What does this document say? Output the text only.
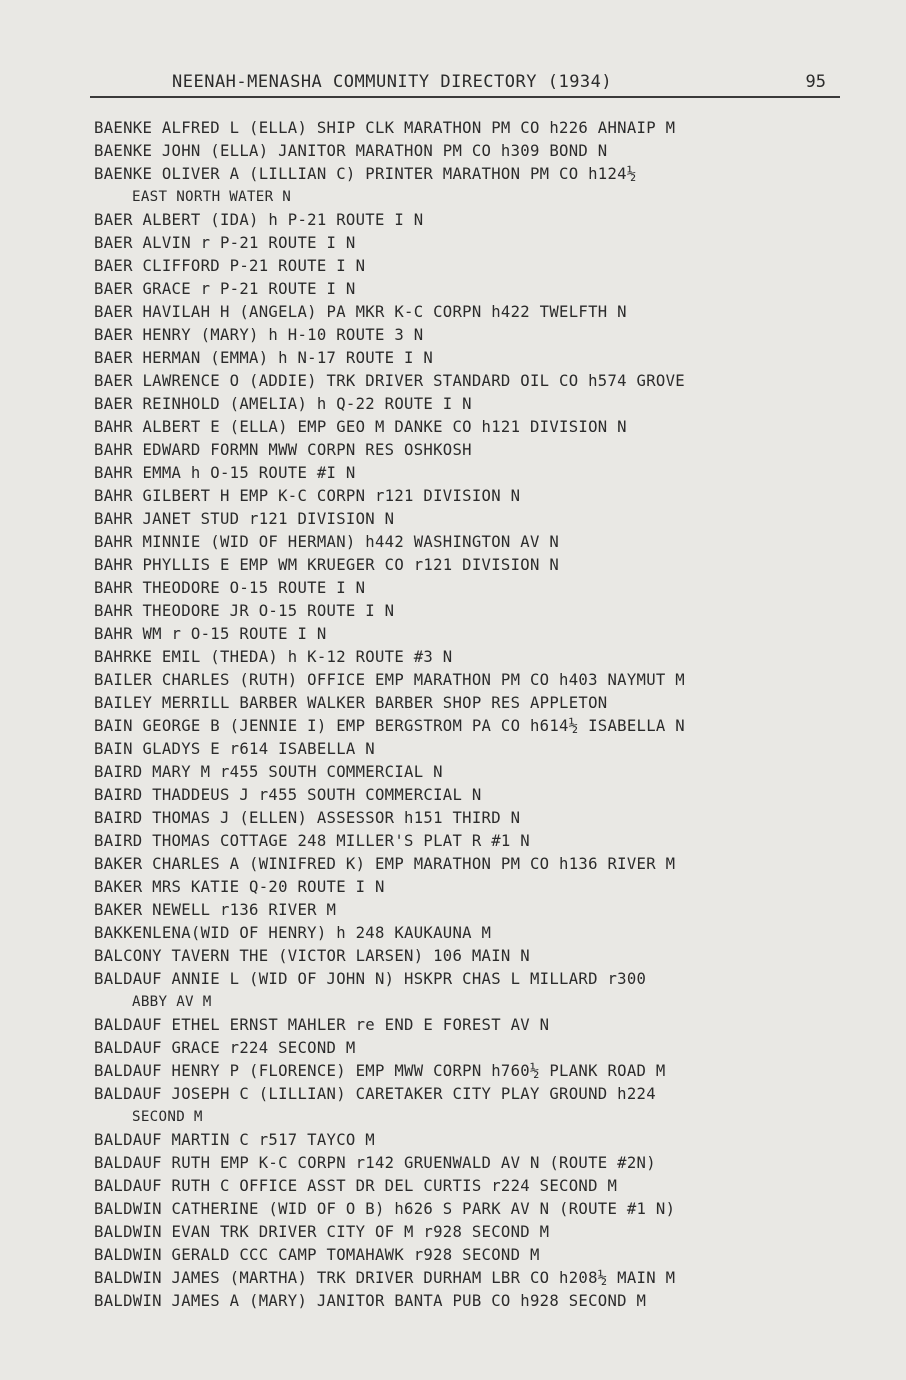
NEENAH-MENASHA COMMUNITY DIRECTORY (1934)	95
BAENKE ALFRED L (ELLA) SHIP CLK MARATHON PM CO h226 AHNAIP M
BAENKE JOHN (ELLA) JANITOR MARATHON PM CO h309 BOND N
BAENKE OLIVER A (LILLIAN C) PRINTER MARATHON PM CO h124½
EAST NORTH WATER N
BAER ALBERT (IDA) h P-21 ROUTE I N
BAER ALVIN r P-21 ROUTE I N
BAER CLIFFORD P-21 ROUTE I N
BAER GRACE r P-21 ROUTE I N
BAER HAVILAH H (ANGELA) PA MKR K-C CORPN h422 TWELFTH N
BAER HENRY (MARY) h H-10 ROUTE 3 N
BAER HERMAN (EMMA) h N-17 ROUTE I N
BAER LAWRENCE O (ADDIE) TRK DRIVER STANDARD OIL CO h574 GROVE
BAER REINHOLD (AMELIA) h Q-22 ROUTE I N
BAHR ALBERT E (ELLA) EMP GEO M DANKE CO h121 DIVISION N
BAHR EDWARD FORMN MWW CORPN RES OSHKOSH
BAHR EMMA h O-15 ROUTE #I N
BAHR GILBERT H EMP K-C CORPN r121 DIVISION N
BAHR JANET STUD r121 DIVISION N
BAHR MINNIE (WID OF HERMAN) h442 WASHINGTON AV N
BAHR PHYLLIS E EMP WM KRUEGER CO r121 DIVISION N
BAHR THEODORE O-15 ROUTE I N
BAHR THEODORE JR O-15 ROUTE I N
BAHR WM r O-15 ROUTE I N
BAHRKE EMIL (THEDA) h K-12 ROUTE #3 N
BAILER CHARLES (RUTH) OFFICE EMP MARATHON PM CO h403 NAYMUT M
BAILEY MERRILL BARBER WALKER BARBER SHOP RES APPLETON
BAIN GEORGE B (JENNIE I) EMP BERGSTROM PA CO h614½ ISABELLA N
BAIN GLADYS E r614 ISABELLA N
BAIRD MARY M r455 SOUTH COMMERCIAL N
BAIRD THADDEUS J r455 SOUTH COMMERCIAL N
BAIRD THOMAS J (ELLEN) ASSESSOR h151 THIRD N
BAIRD THOMAS COTTAGE 248 MILLER'S PLAT R #1 N
BAKER CHARLES A (WINIFRED K) EMP MARATHON PM CO h136 RIVER M
BAKER MRS KATIE Q-20 ROUTE I N
BAKER NEWELL r136 RIVER M
BAKKENLENA(WID OF HENRY) h 248 KAUKAUNA M
BALCONY TAVERN THE (VICTOR LARSEN) 106 MAIN N
BALDAUF ANNIE L (WID OF JOHN N) HSKPR CHAS L MILLARD r300
ABBY AV M
BALDAUF ETHEL ERNST MAHLER re END E FOREST AV N
BALDAUF GRACE r224 SECOND M
BALDAUF HENRY P (FLORENCE) EMP MWW CORPN h760½ PLANK ROAD M
BALDAUF JOSEPH C (LILLIAN) CARETAKER CITY PLAY GROUND h224
SECOND M
BALDAUF MARTIN C r517 TAYCO M
BALDAUF RUTH EMP K-C CORPN r142 GRUENWALD AV N (ROUTE #2N)
BALDAUF RUTH C OFFICE ASST DR DEL CURTIS r224 SECOND M
BALDWIN CATHERINE (WID OF O B) h626 S PARK AV N (ROUTE #1 N)
BALDWIN EVAN TRK DRIVER CITY OF M r928 SECOND M
BALDWIN GERALD CCC CAMP TOMAHAWK r928 SECOND M
BALDWIN JAMES (MARTHA) TRK DRIVER DURHAM LBR CO h208½ MAIN M
BALDWIN JAMES A (MARY) JANITOR BANTA PUB CO h928 SECOND M
